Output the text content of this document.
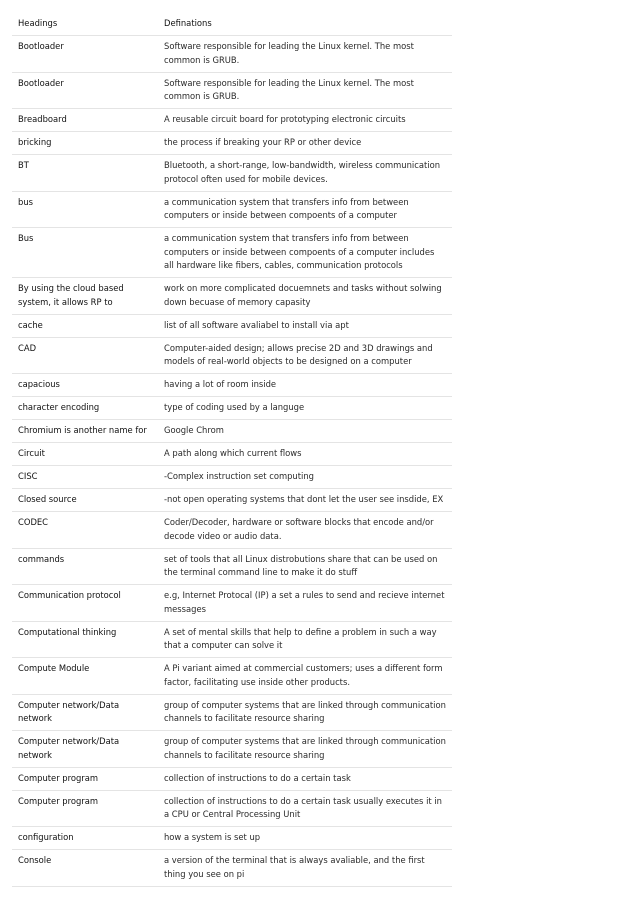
Headings	Definations
Bootloader	Software responsible for leading the Linux kernel. The most common is GRUB.
Bootloader	Software responsible for leading the Linux kernel. The most common is GRUB.
Breadboard	A reusable circuit board for prototyping electronic circuits
bricking	the process if breaking your RP or other device
BT	Bluetooth, a short-range, low-bandwidth, wireless communication protocol often used for mobile devices.
bus	a communication system that transfers info from between computers or inside between compoents of a computer
Bus	a communication system that transfers info from between computers or inside between compoents of a computer includes all hardware like fibers, cables, communication protocols
By using the cloud based system, it allows RP to	work on more complicated docuemnets and tasks without solwing down becuase of memory capasity
cache	list of all software avaliabel to install via apt
CAD	Computer-aided design; allows precise 2D and 3D drawings and models of real-world objects to be designed on a computer
capacious	having a lot of room inside
character encoding	type of coding used by a languge
Chromium is another name for	Google Chrom
Circuit	A path along which current flows
CISC	-Complex instruction set computing
Closed source	-not open operating systems that dont let the user see insdide, EX
CODEC	Coder/Decoder, hardware or software blocks that encode and/or decode video or audio data.
commands	set of tools that all Linux distrobutions share that can be used on the terminal command line to make it do stuff
Communication protocol	e.g, Internet Protocal (IP) a set a rules to send and recieve internet messages
Computational thinking	A set of mental skills that help to define a problem in such a way that a computer can solve it
Compute Module	A Pi variant aimed at commercial customers; uses a different form factor, facilitating use inside other products.
Computer network/Data network	group of computer systems that are linked through communication channels to facilitate resource sharing
Computer network/Data network	group of computer systems that are linked through communication channels to facilitate resource sharing
Computer program	collection of instructions to do a certain task
Computer program	collection of instructions to do a certain task usually executes it in a CPU or Central Processing Unit
configuration	how a system is set up
Console	a version of the terminal that is always avaliable, and the first thing you see on pi
